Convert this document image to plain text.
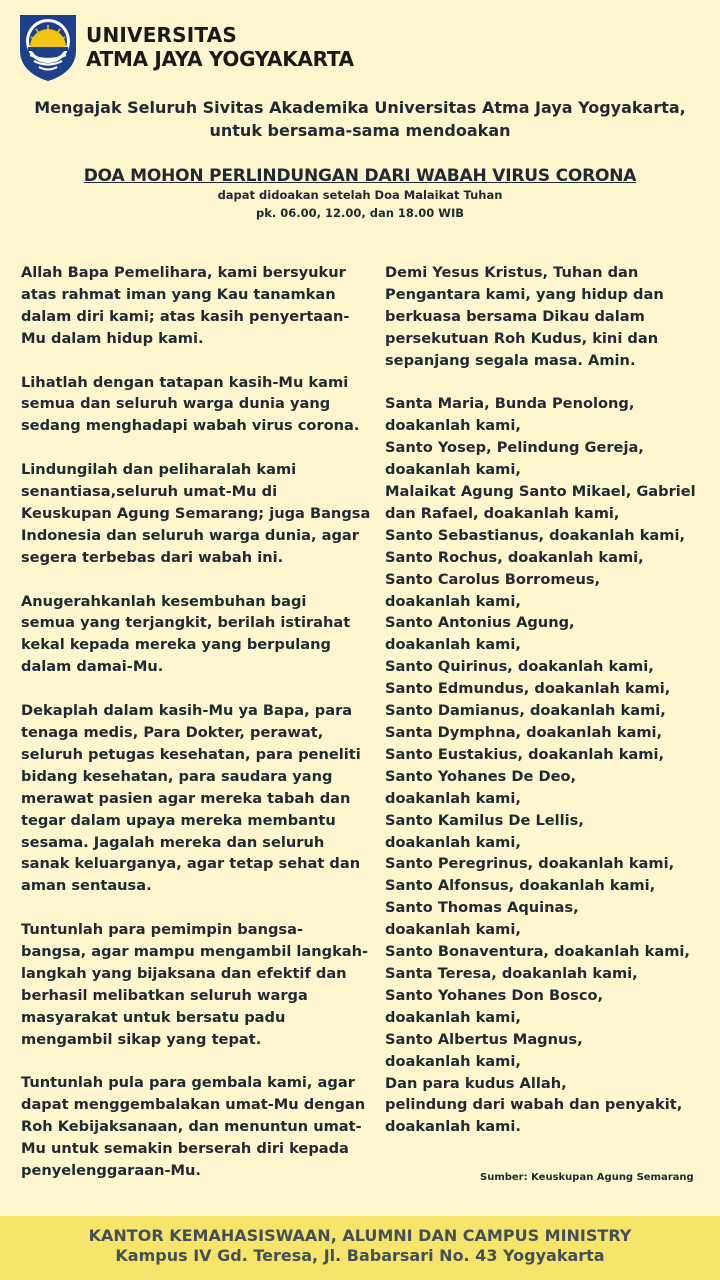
UNIVERSITAS
ATMA JAYA YOGYAKARTA
Mengajak Seluruh Sivitas Akademika Universitas Atma Jaya Yogyakarta,
untuk bersama-sama mendoakan
DOA MOHON PERLINDUNGAN DARI WABAH VIRUS CORONA
dapat didoakan setelah Doa Malaikat Tuhan
pk. 06.00, 12.00, dan 18.00 WIB
Allah Bapa Pemelihara, kami bersyukur
atas rahmat iman yang Kau tanamkan
dalam diri kami; atas kasih penyertaan-
Mu dalam hidup kami.
Lihatlah dengan tatapan kasih-Mu kami
semua dan seluruh warga dunia yang
sedang menghadapi wabah virus corona.
Lindungilah dan peliharalah kami
senantiasa,seluruh umat-Mu di
Keuskupan Agung Semarang; juga Bangsa
Indonesia dan seluruh warga dunia, agar
segera terbebas dari wabah ini.
Anugerahkanlah kesembuhan bagi
semua yang terjangkit, berilah istirahat
kekal kepada mereka yang berpulang
dalam damai-Mu.
Dekaplah dalam kasih-Mu ya Bapa, para
tenaga medis, Para Dokter, perawat,
seluruh petugas kesehatan, para peneliti
bidang kesehatan, para saudara yang
merawat pasien agar mereka tabah dan
tegar dalam upaya mereka membantu
sesama. Jagalah mereka dan seluruh
sanak keluarganya, agar tetap sehat dan
aman sentausa.
Tuntunlah para pemimpin bangsa-
bangsa, agar mampu mengambil langkah-
langkah yang bijaksana dan efektif dan
berhasil melibatkan seluruh warga
masyarakat untuk bersatu padu
mengambil sikap yang tepat.
Tuntunlah pula para gembala kami, agar
dapat menggembalakan umat-Mu dengan
Roh Kebijaksanaan, dan menuntun umat-
Mu untuk semakin berserah diri kepada
penyelenggaraan-Mu.
Demi Yesus Kristus, Tuhan dan
Pengantara kami, yang hidup dan
berkuasa bersama Dikau dalam
persekutuan Roh Kudus, kini dan
sepanjang segala masa. Amin.
Santa Maria, Bunda Penolong,
doakanlah kami,
Santo Yosep, Pelindung Gereja,
doakanlah kami,
Malaikat Agung Santo Mikael, Gabriel
dan Rafael, doakanlah kami,
Santo Sebastianus, doakanlah kami,
Santo Rochus, doakanlah kami,
Santo Carolus Borromeus,
doakanlah kami,
Santo Antonius Agung,
doakanlah kami,
Santo Quirinus, doakanlah kami,
Santo Edmundus, doakanlah kami,
Santo Damianus, doakanlah kami,
Santa Dymphna, doakanlah kami,
Santo Eustakius, doakanlah kami,
Santo Yohanes De Deo,
doakanlah kami,
Santo Kamilus De Lellis,
doakanlah kami,
Santo Peregrinus, doakanlah kami,
Santo Alfonsus, doakanlah kami,
Santo Thomas Aquinas,
doakanlah kami,
Santo Bonaventura, doakanlah kami,
Santa Teresa, doakanlah kami,
Santo Yohanes Don Bosco,
doakanlah kami,
Santo Albertus Magnus,
doakanlah kami,
Dan para kudus Allah,
pelindung dari wabah dan penyakit,
doakanlah kami.
Sumber: Keuskupan Agung Semarang
KANTOR KEMAHASISWAAN, ALUMNI DAN CAMPUS MINISTRY
Kampus IV Gd. Teresa, Jl. Babarsari No. 43 Yogyakarta
